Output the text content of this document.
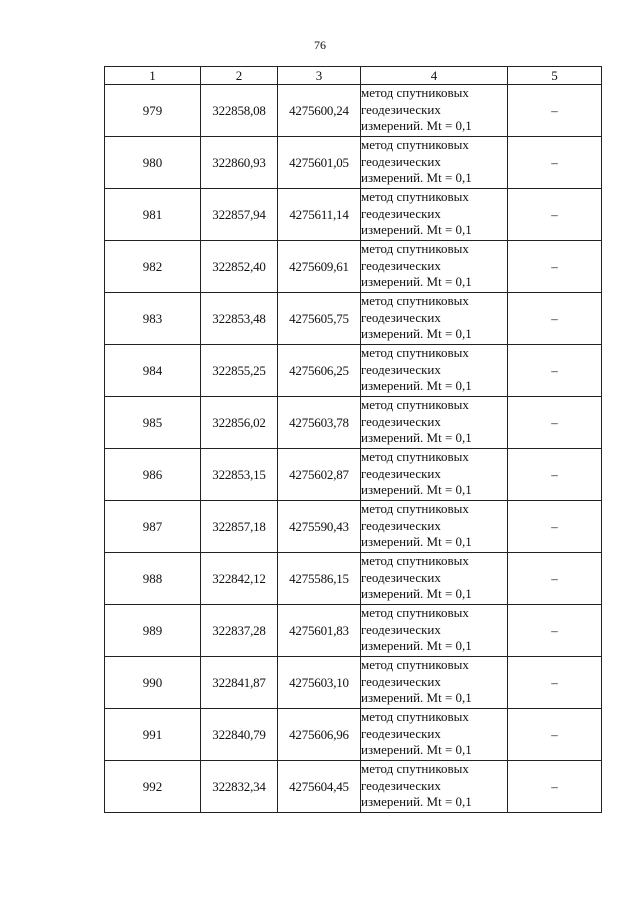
76
1	2	3	4	5
979	322858,08	4275600,24	метод спутниковых
геодезических
измерений. Mt = 0,1	–
980	322860,93	4275601,05	метод спутниковых
геодезических
измерений. Mt = 0,1	–
981	322857,94	4275611,14	метод спутниковых
геодезических
измерений. Mt = 0,1	–
982	322852,40	4275609,61	метод спутниковых
геодезических
измерений. Mt = 0,1	–
983	322853,48	4275605,75	метод спутниковых
геодезических
измерений. Mt = 0,1	–
984	322855,25	4275606,25	метод спутниковых
геодезических
измерений. Mt = 0,1	–
985	322856,02	4275603,78	метод спутниковых
геодезических
измерений. Mt = 0,1	–
986	322853,15	4275602,87	метод спутниковых
геодезических
измерений. Mt = 0,1	–
987	322857,18	4275590,43	метод спутниковых
геодезических
измерений. Mt = 0,1	–
988	322842,12	4275586,15	метод спутниковых
геодезических
измерений. Mt = 0,1	–
989	322837,28	4275601,83	метод спутниковых
геодезических
измерений. Mt = 0,1	–
990	322841,87	4275603,10	метод спутниковых
геодезических
измерений. Mt = 0,1	–
991	322840,79	4275606,96	метод спутниковых
геодезических
измерений. Mt = 0,1	–
992	322832,34	4275604,45	метод спутниковых
геодезических
измерений. Mt = 0,1	–
